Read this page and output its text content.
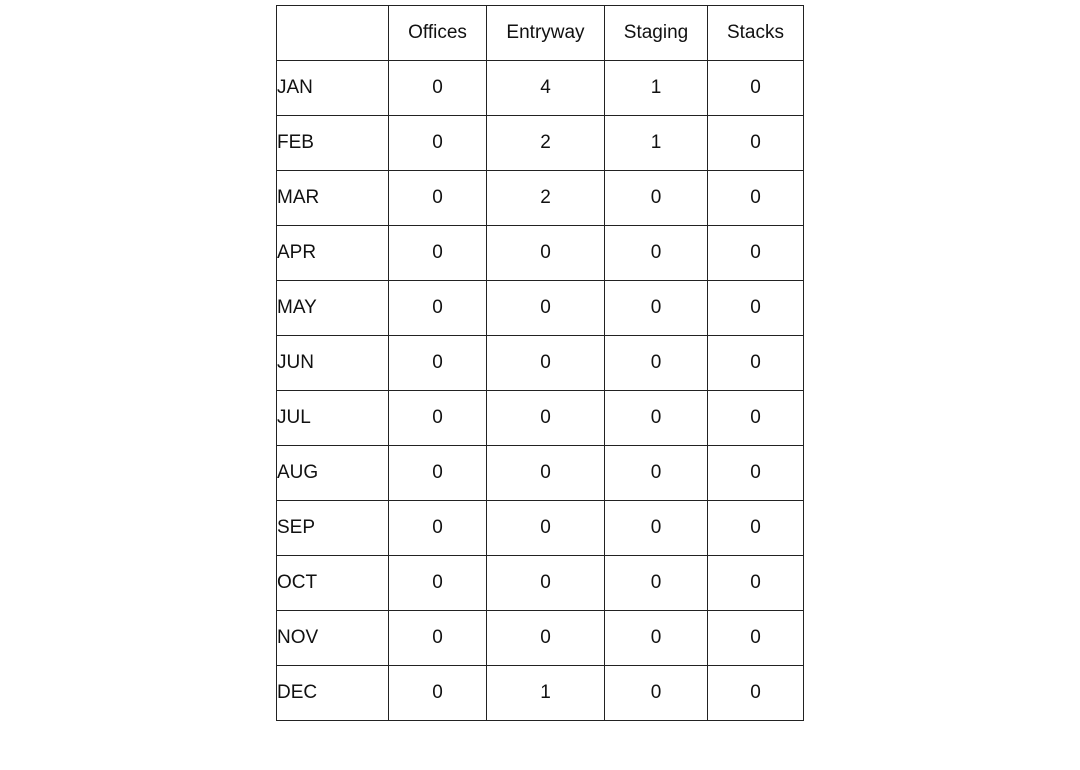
	Offices	Entryway	Staging	Stacks
JAN	0	4	1	0
FEB	0	2	1	0
MAR	0	2	0	0
APR	0	0	0	0
MAY	0	0	0	0
JUN	0	0	0	0
JUL	0	0	0	0
AUG	0	0	0	0
SEP	0	0	0	0
OCT	0	0	0	0
NOV	0	0	0	0
DEC	0	1	0	0
